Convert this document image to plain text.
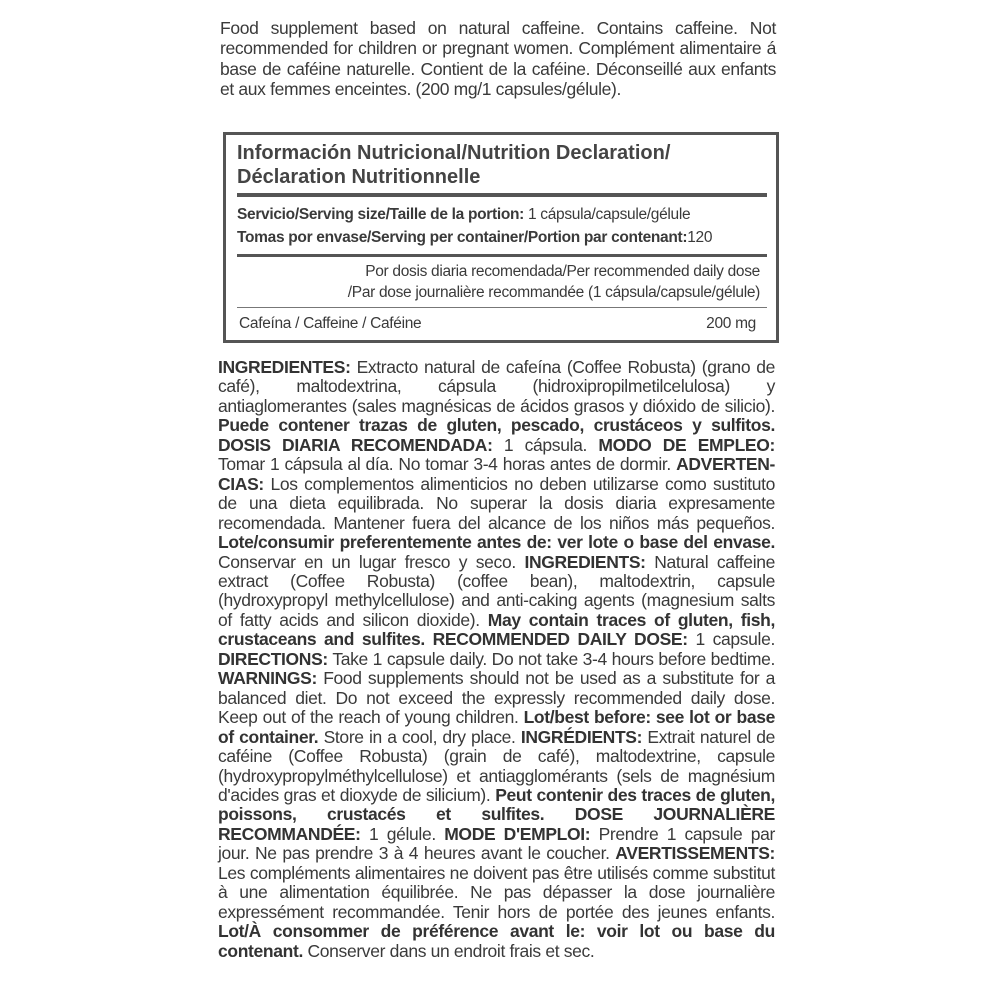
Food supplement based on natural caffeine. Contains caffeine. Not recommended for children or pregnant women. Complément alimentaire á base de caféine naturelle. Contient de la caféine. Déconseillé aux enfants et aux femmes enceintes. (200 mg/1 capsules/gélule).

Información Nutricional/Nutrition Declaration/ Déclaration Nutritionnelle
Servicio/Serving size/Taille de la portion: 1 cápsula/capsule/gélule
Tomas por envase/Serving per container/Portion par contenant:120
Por dosis diaria recomendada/Per recommended daily dose
/Par dose journalière recommandée (1 cápsula/capsule/gélule)
Cafeína / Caffeine / Caféine	200 mg

INGREDIENTES: Extracto natural de cafeína (Coffee Robusta) (grano de café), maltodextrina, cápsula (hidroxipropilmetilcelulosa) y antiaglomerantes (sales magnésicas de ácidos grasos y dióxido de silicio). Puede contener trazas de gluten, pescado, crustáceos y sulfitos. DOSIS DIARIA RECOMENDADA: 1 cápsula. MODO DE EMPLEO: Tomar 1 cápsula al día. No tomar 3-4 horas antes de dormir. ADVERTEN-CIAS: Los complementos alimenticios no deben utilizarse como sustituto de una dieta equilibrada. No superar la dosis diaria expresamente recomendada. Mantener fuera del alcance de los niños más pequeños. Lote/consumir preferentemente antes de: ver lote o base del envase. Conservar en un lugar fresco y seco. INGREDIENTS: Natural caffeine extract (Coffee Robusta) (coffee bean), maltodextrin, capsule (hydroxypropyl methylcellulose) and anti-caking agents (magnesium salts of fatty acids and silicon dioxide). May contain traces of gluten, fish, crustaceans and sulfites. RECOMMENDED DAILY DOSE: 1 capsule. DIRECTIONS: Take 1 capsule daily. Do not take 3-4 hours before bedtime. WARNINGS: Food supplements should not be used as a substitute for a balanced diet. Do not exceed the expressly recommended daily dose. Keep out of the reach of young children. Lot/best before: see lot or base of container. Store in a cool, dry place. INGRÉDIENTS: Extrait naturel de caféine (Coffee Robusta) (grain de café), maltodextrine, capsule (hydroxypropylméthylcellulose) et antiagglomérants (sels de magnésium d'acides gras et dioxyde de silicium). Peut contenir des traces de gluten, poissons, crustacés et sulfites. DOSE JOURNALIÈRE RECOMMANDÉE: 1 gélule. MODE D'EMPLOI: Prendre 1 capsule par jour. Ne pas prendre 3 à 4 heures avant le coucher. AVERTISSEMENTS: Les compléments alimentaires ne doivent pas être utilisés comme substitut à une alimentation équilibrée. Ne pas dépasser la dose journalière expressément recommandée. Tenir hors de portée des jeunes enfants. Lot/À consommer de préférence avant le: voir lot ou base du contenant. Conserver dans un endroit frais et sec.
